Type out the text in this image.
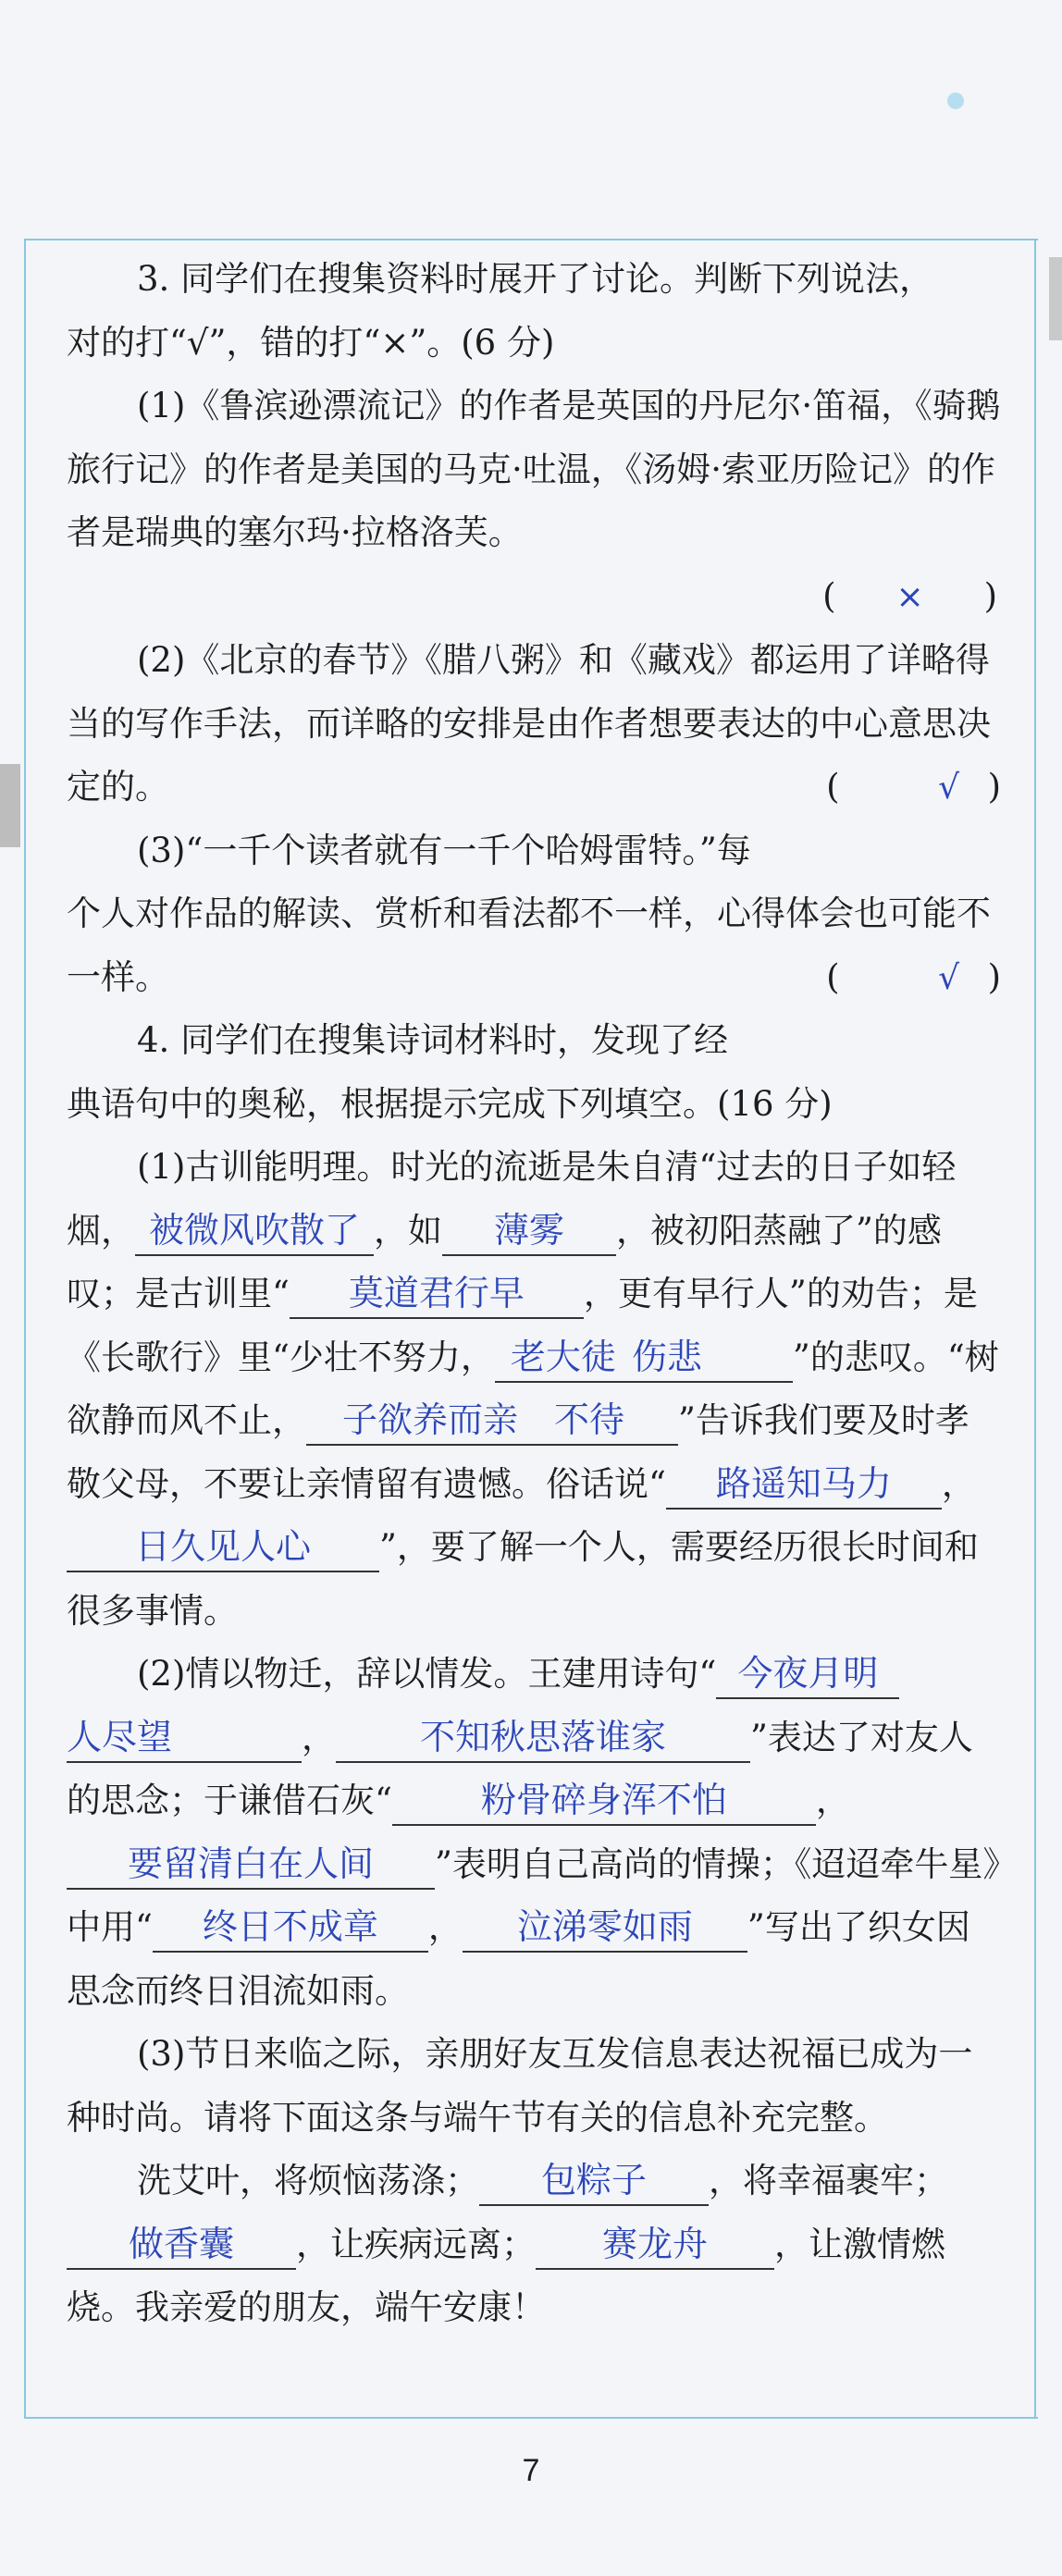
3. 同学们在搜集资料时展开了讨论。判断下列说法，

对的打“√”，错的打“×”。(6 分)

(1)《鲁滨逊漂流记》的作者是英国的丹尼尔·笛福，《骑鹅旅行记》的作者是美国的马克·吐温，《汤姆·索亚历险记》的作者是瑞典的塞尔玛·拉格洛芙。

( × )

(2)《北京的春节》《腊八粥》和《藏戏》都运用了详略得当的写作手法，而详略的安排是由作者想要表达的中心意思决定的。	(	√ )

(3)“一千个读者就有一千个哈姆雷特。”每个人对作品的解读、赏析和看法都不一样，心得体会也可能不一样。	(	√ )

4. 同学们在搜集诗词材料时，发现了经典语句中的奥秘，根据提示完成下列填空。(16 分)

(1)古训能明理。时光的流逝是朱自清“过去的日子如轻烟， 被微风吹散了 ，如 薄雾 ，被初阳蒸融了”的感叹；是古训里“ 莫道君行早 ，更有早行人”的劝告；是《长歌行》里“少壮不努力， 老大徒 伤悲	”的悲叹。“树欲静而风不止， 子欲养而亲 不待 ”告诉我们要及时孝敬父母，不要让亲情留有遗憾。俗话说“ 路遥知马力 ，日久见人心 ”，要了解一个人，需要经历很长时间和很多事情。

(2)情以物迁，辞以情发。王建用诗句“ 今夜月明人尽望	， 不知秋思落谁家 ”表达了对友人的思念；于谦借石灰“	粉骨碎身浑不怕	，要留清白在人间 ”表明自己高尚的情操；《迢迢牵牛星》中用“ 终日不成章 ， 泣涕零如雨 ”写出了织女因思念而终日泪流如雨。

(3)节日来临之际，亲朋好友互发信息表达祝福已成为一种时尚。请将下面这条与端午节有关的信息补充完整。

洗艾叶，将烦恼荡涤； 包粽子 ，将幸福裹牢；做香囊 ，让疾病远离； 赛龙舟 ，让激情燃烧。我亲爱的朋友，端午安康！

7
